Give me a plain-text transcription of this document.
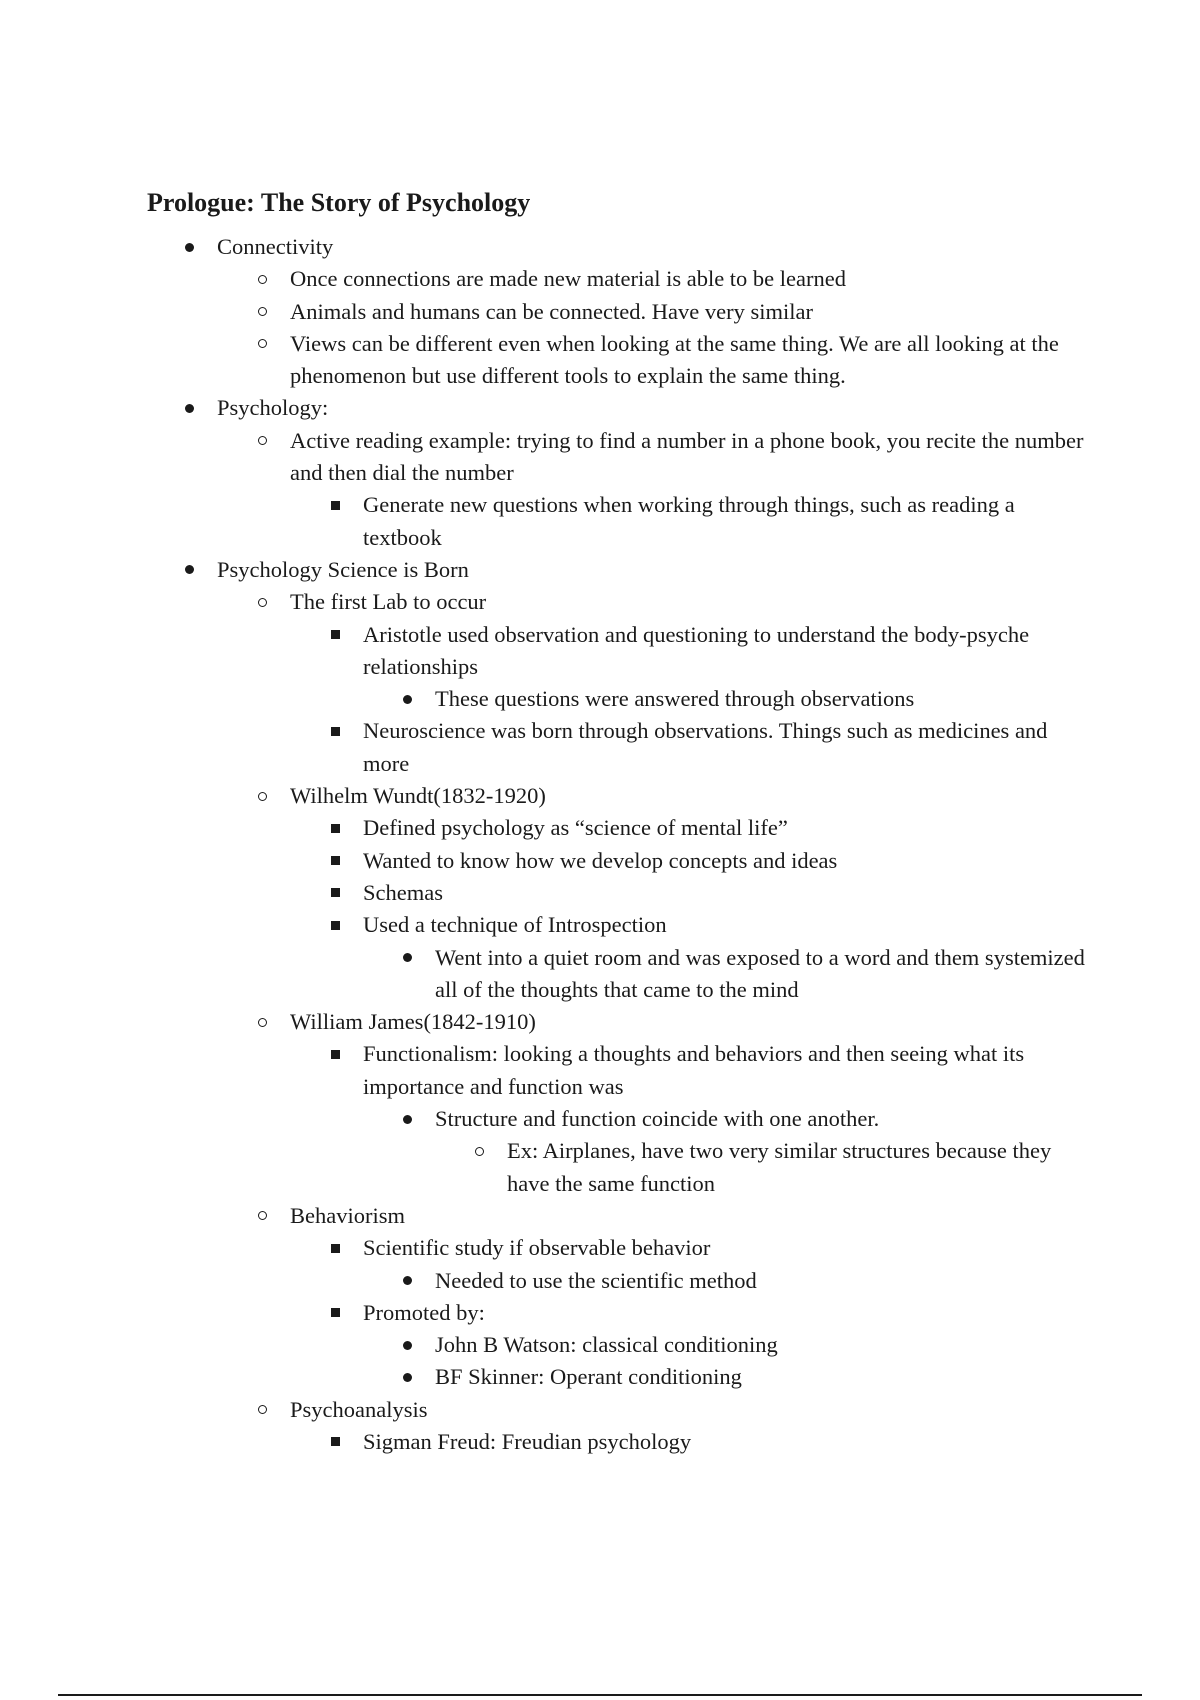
Prologue: The Story of Psychology
Connectivity
Once connections are made new material is able to be learned
Animals and humans can be connected. Have very similar
Views can be different even when looking at the same thing. We are all looking at the phenomenon but use different tools to explain the same thing.
Psychology:
Active reading example: trying to find a number in a phone book, you recite the number and then dial the number
Generate new questions when working through things, such as reading a textbook
Psychology Science is Born
The first Lab to occur
Aristotle used observation and questioning to understand the body-psyche relationships
These questions were answered through observations
Neuroscience was born through observations. Things such as medicines and more
Wilhelm Wundt(1832-1920)
Defined psychology as “science of mental life”
Wanted to know how we develop concepts and ideas
Schemas
Used a technique of Introspection
Went into a quiet room and was exposed to a word and them systemized all of the thoughts that came to the mind
William James(1842-1910)
Functionalism: looking a thoughts and behaviors and then seeing what its importance and function was
Structure and function coincide with one another.
Ex: Airplanes, have two very similar structures because they have the same function
Behaviorism
Scientific study if observable behavior
Needed to use the scientific method
Promoted by:
John B Watson: classical conditioning
BF Skinner: Operant conditioning
Psychoanalysis
Sigman Freud: Freudian psychology
